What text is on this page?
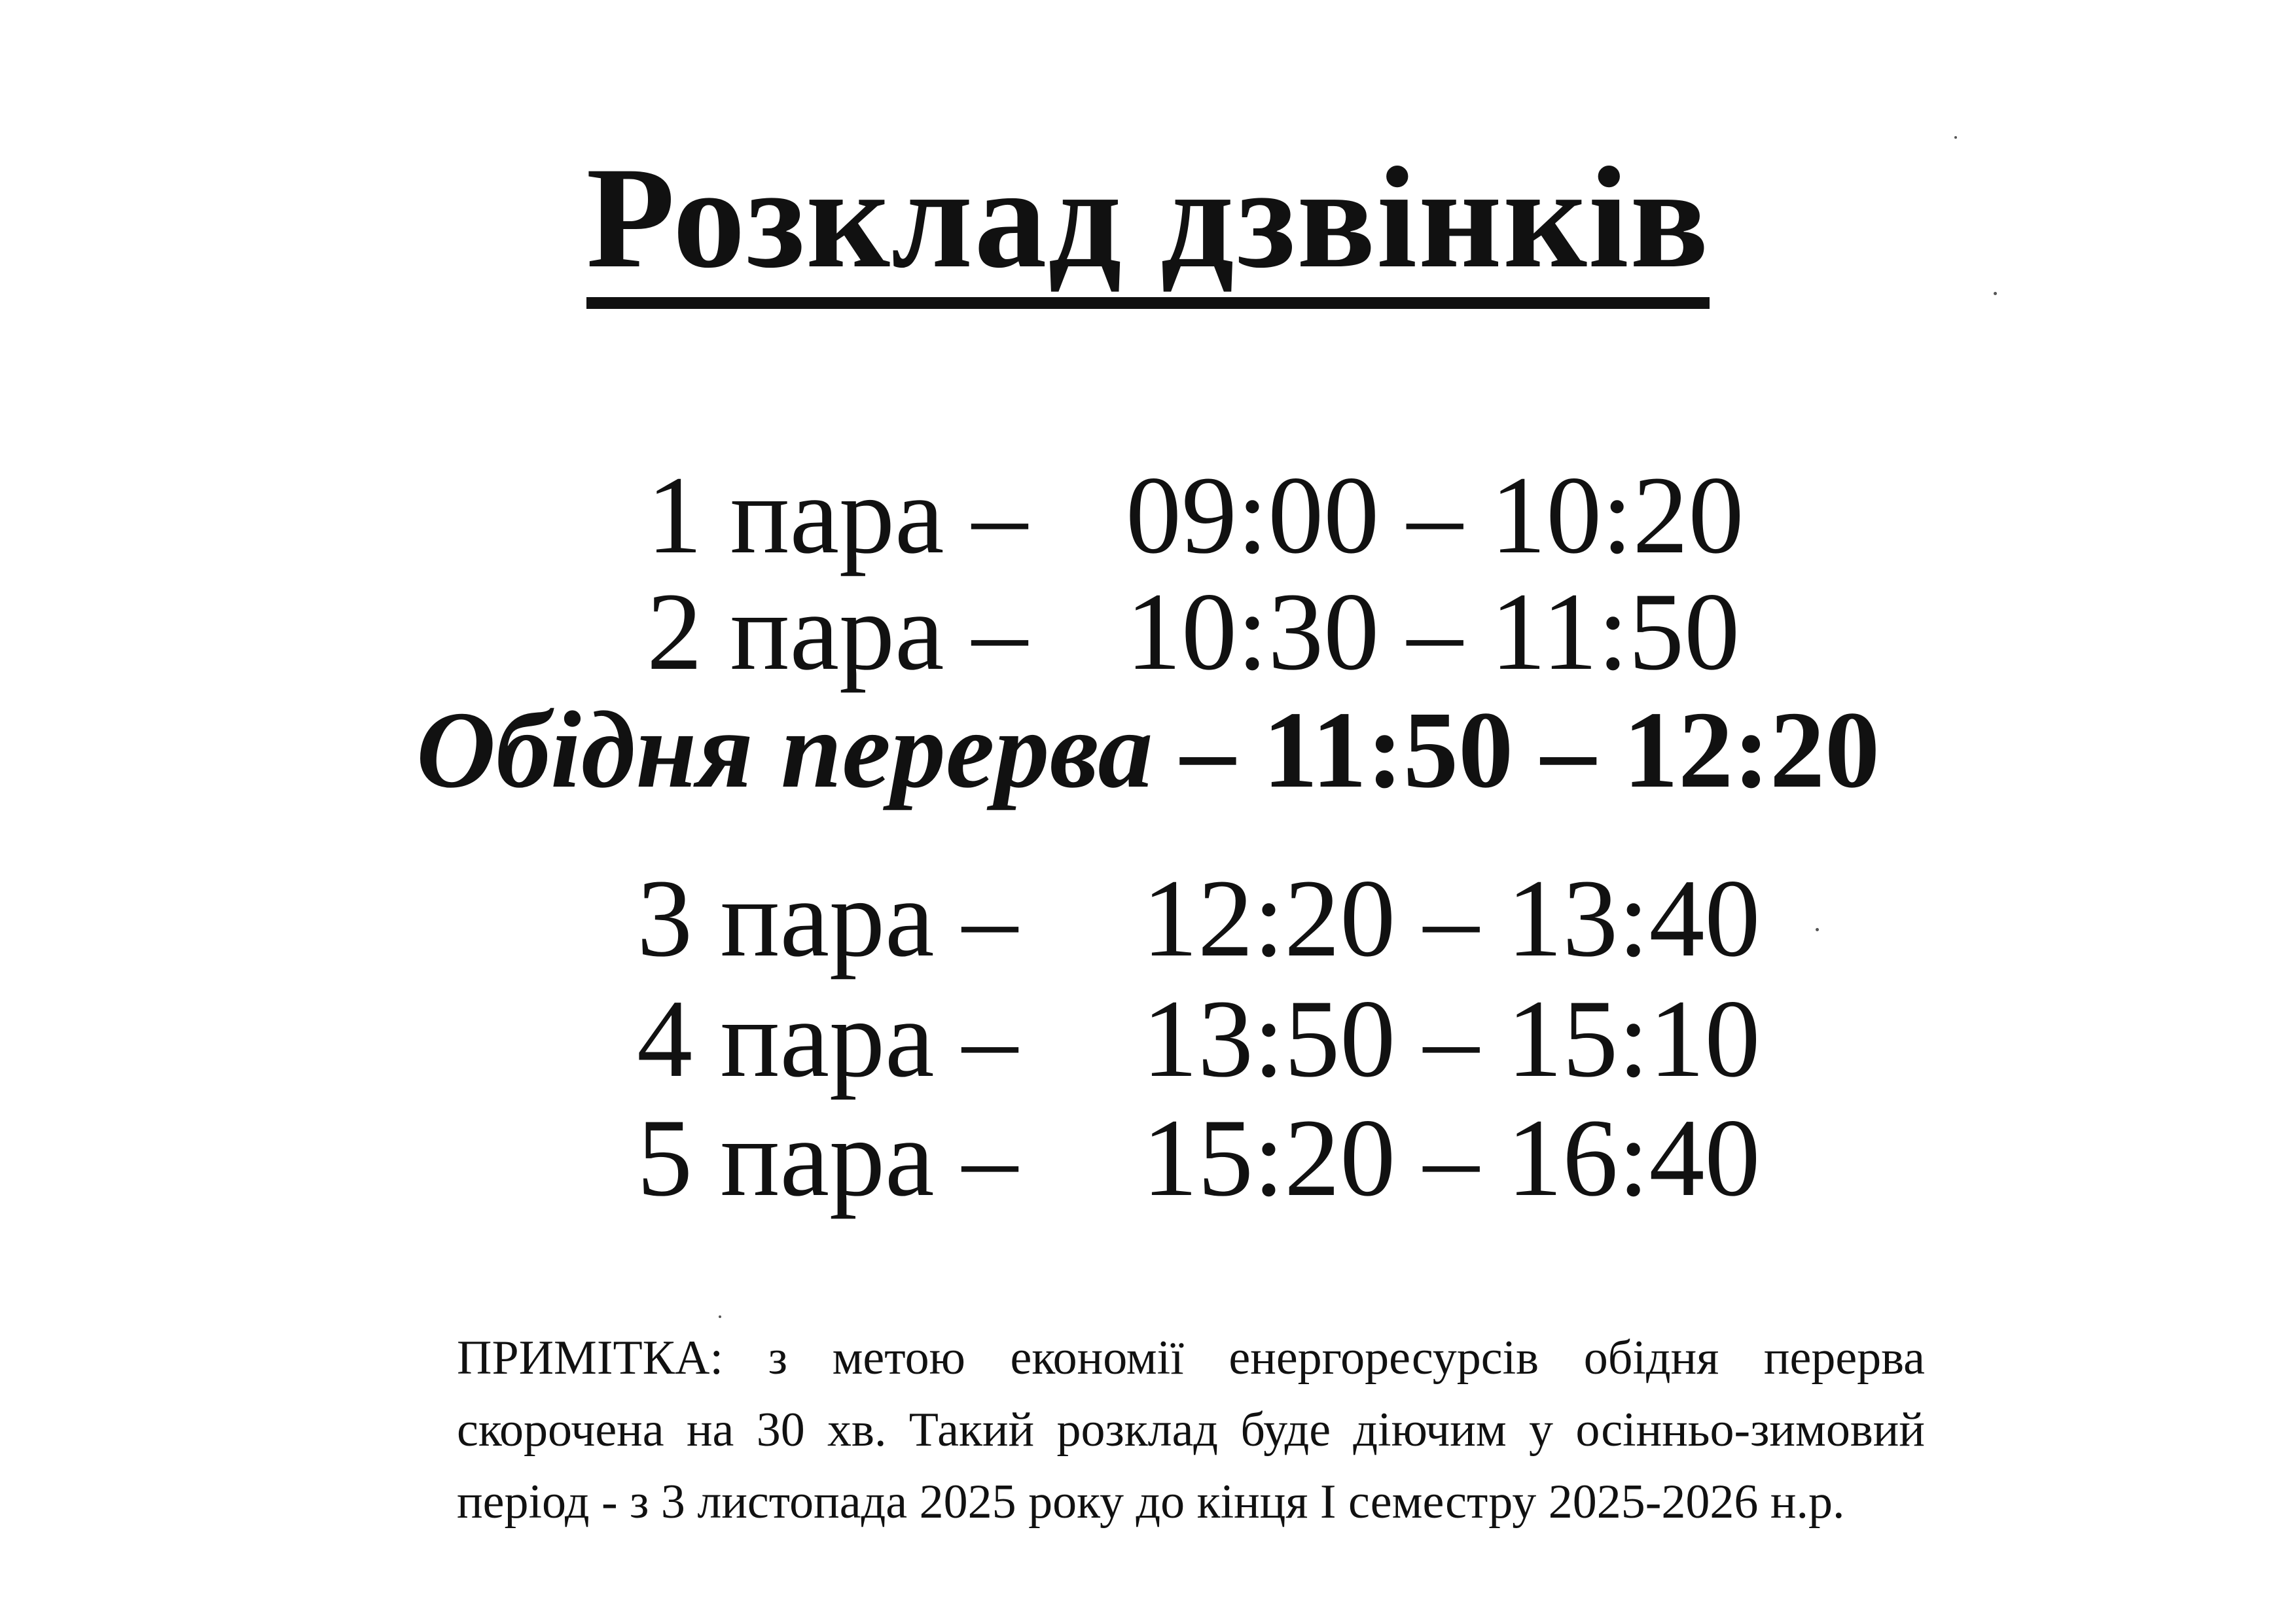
Розклад дзвінків
1 пара – 09:00 – 10:20
2 пара – 10:30 – 11:50
Обідня перерва – 11:50 – 12:20
3 пара – 12:20 – 13:40
4 пара – 13:50 – 15:10
5 пара – 15:20 – 16:40
ПРИМІТКА: з метою економії енергоресурсів обідня перерва скорочена на 30 хв. Такий розклад буде діючим у осінньо-зимовий період - з 3 листопада 2025 року до кінця І семестру 2025-2026 н.р.
